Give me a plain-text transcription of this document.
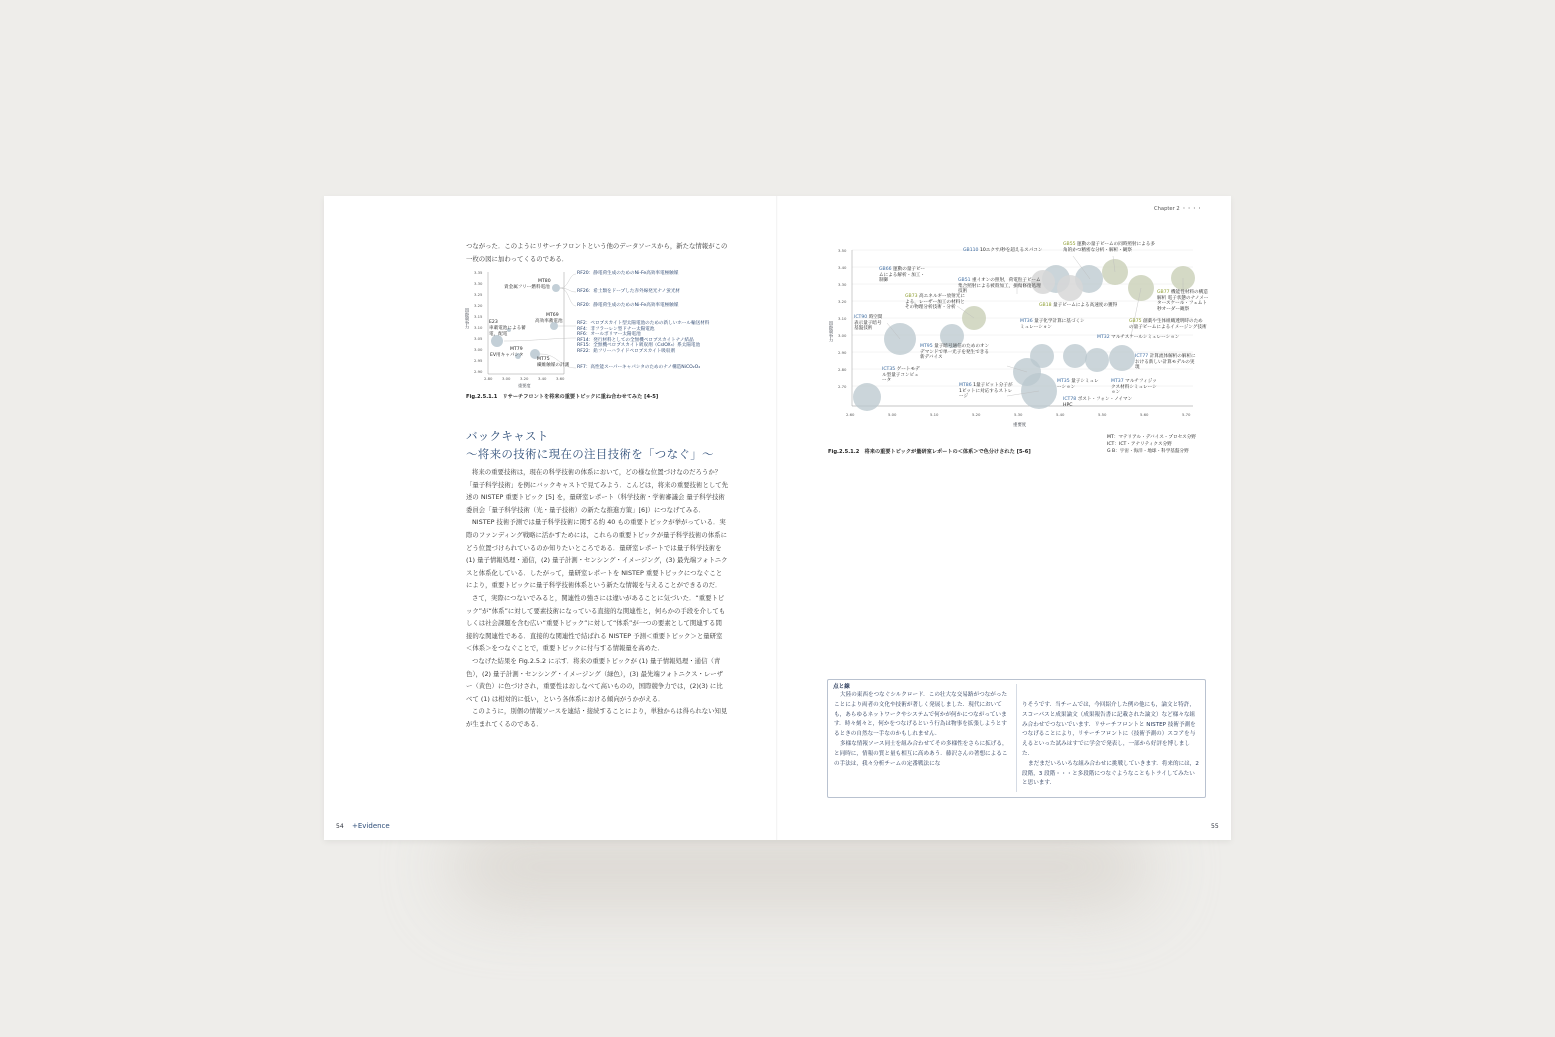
Chapter 2 ・・・・

つながった．このようにリサーチフロントという他のデータソースから，新たな情報がこの一枚の図に加わってくるのである．

国際競争力
3.35
3.30
3.25
3.20
3.15
3.10
3.05
3.00
2.95
2.90
2.80	3.00	3.20	3.40	3.60
重要度
MT80
貴金属フリー燃料電池
MT69
高効率蓄電池
E23
車載電池による蓄電，配電
MT79
EV用キャパシタ
MT75
繊維触媒の計測
RF20：静電荷生成のためのNi-Fe高効率電極触媒
RF26：希土類をドープした赤外線発光ナノ蛍光材
RF20：静電荷生成のためのNi-Fe高効率電極触媒
RF2：ペロブスカイト型太陽電池のための新しいホール輸送材料
RF4：非フラーレン型ドナー太陽電池
RF6：オールポリマー太陽電池
RF14：発行材料としての全無機ペロブスカイトナノ結晶
RF15：全無機ペロブスカイト吸収剤（CsIOX₃）系太陽電池
RF22：鉛フリーハライドペロブスカイト吸収剤
RF7：高性能スーパーキャパシタのためのナノ構造NiCO₂O₄
Fig.2.5.1.1　リサーチフロントを将来の重要トピックに重ね合わせてみた [4-5]
バックキャスト
〜将来の技術に現在の注目技術を「つなぐ」〜

将来の重要技術は，現在の科学技術の体系において，どの様な位置づけなのだろうか？「量子科学技術」を例にバックキャストで見てみよう．こんどは，将来の重要技術として先述の NISTEP 重要トピック [5] を，量研室レポート（科学技術・学術審議会 量子科学技術委員会「量子科学技術（光・量子技術）の新たな推進方策」[6]）につなげてみる．

NISTEP 技術予測では量子科学技術に関する約 40 もの重要トピックが挙がっている．実際のファンディング戦略に活かすためには，これらの重要トピックが量子科学技術の体系にどう位置づけられているのか知りたいところである．量研室レポートでは量子科学技術を (1) 量子情報処理・通信，(2) 量子計測・センシング・イメージング，(3) 最先端フォトニクスと体系化している．したがって，量研室レポートを NISTEP 重要トピックにつなぐことにより，重要トピックに量子科学技術体系という新たな情報を与えることができるのだ．

さて，実際につないでみると，関連性の強さには違いがあることに気づいた．“重要トピック”が“体系”に対して要素技術になっている直接的な関連性と，何らかの手段を介してもしくは社会課題を含む広い“重要トピック”に対して“体系”が一つの要素として関連する間接的な関連性である．直接的な関連性で結ばれる NISTEP 予測＜重要トピック＞と量研室＜体系＞をつなぐことで，重要トピックに付与する情報量を高めた．

つなげた結果を Fig.2.5.2 に示す．将来の重要トピックが (1) 量子情報処理・通信（青色），(2) 量子計測・センシング・イメージング（緑色），(3) 最先端フォトニクス・レーザー（黄色）に色づけされ，重要性はおしなべて高いものの，国際競争力では，(2)(3) に比べて (1) は相対的に低い，という各体系における傾向がうかがえる．

このように，別個の情報ソースを連結・接続することにより，単独からは得られない知見が生まれてくるのである．

54 +Evidence	55
国際競争力
3.50
3.40
3.30
3.20
3.10
3.00
2.90
2.80
2.70
2.60	5.00	5.10	5.20	5.30	5.40	5.50	5.60	5.70
重要度
GB110 10エクサ/秒を超えるスパコン
GB55 運動の量子ビームの同時照射による多角的かつ精密な分析・解析・観察
GB66 運動の量子ビームによる解析・加工・制御	GB51 重イオンの照射，荷電粒子ビーム集合照射による被殻加工，損傷修復処理技術
GB18 量子ビームによる高速度の獲得
GB73 高エネルギー放射光による，レーザー加工の材料とその物理分析技術・分析
GB77 機能性材料の構造解析 電子状態のナノメータースケール・フェムト秒オーダー観察
GB75 創薬や生体組織透明時のための量子ビームによるイメージング技術
ICT90 時空間表示量子暗号基盤技術
MT36 量子化学計算に基づくシミュレーション
MT32 マルチスケールシミュレーション
MT95 量子暗号通信のためのオンデマンドで単一光子を発生できる新デバイス	ICT77 計算流体解析の解析における新しい計算モデルの実現
ICT35 ゲートモデル型量子コンピュータ
MT86 1量子ビット分子が1ビットに対応するストレージ
MT35 量子シミュレーション
MT37 マルチフィジックス材料シミュレーション
ICT78 ポスト・フォン・ノイマン HPC
MT：マテリアル・デバイス・プロセス分野
ICT：ICT・アナリティクス分野
G B：宇宙・海洋・地球・科学基盤分野
Fig.2.5.1.2　将来の重要トピックが量研室レポートの＜体系＞で色分けされた [5-6]
点と線

大陸の東西をつなぐシルクロード．この壮大な交易路がつながったことにより両者の文化や技術が著しく発展しました．現代においても，あらゆるネットワークやシステムで何かが何かにつながっています．時々刻々と，何かをつなげるという行為は物事を拡張しようとするときの自然な一手なのかもしれません．

多様な情報ソース同士を組み合わせてその多様性をさらに拡げる，と同時に，情報の質と量も相互に高めあう．藤沢さんの著想によるこの手法は，我々分析チームの定番戦法にな

りそうです．当チームでは，今回紹介した例の他にも，論文と特許，スコーパスと成果論文（成果報告書に記載された論文）など様々な組み合わせでつないでいます．リサーチフロントと NISTEP 技術予測をつなげることにより，リサーチフロントに（技術予測の）スコアを与えるといった試みはすでに学会で発表し，一部から好評を博しました．

まだまだいろいろな組み合わせに挑戦していきます．将来的には，2 段階，3 段階・・・と多段階につなぐようなこともトライしてみたいと思います．
